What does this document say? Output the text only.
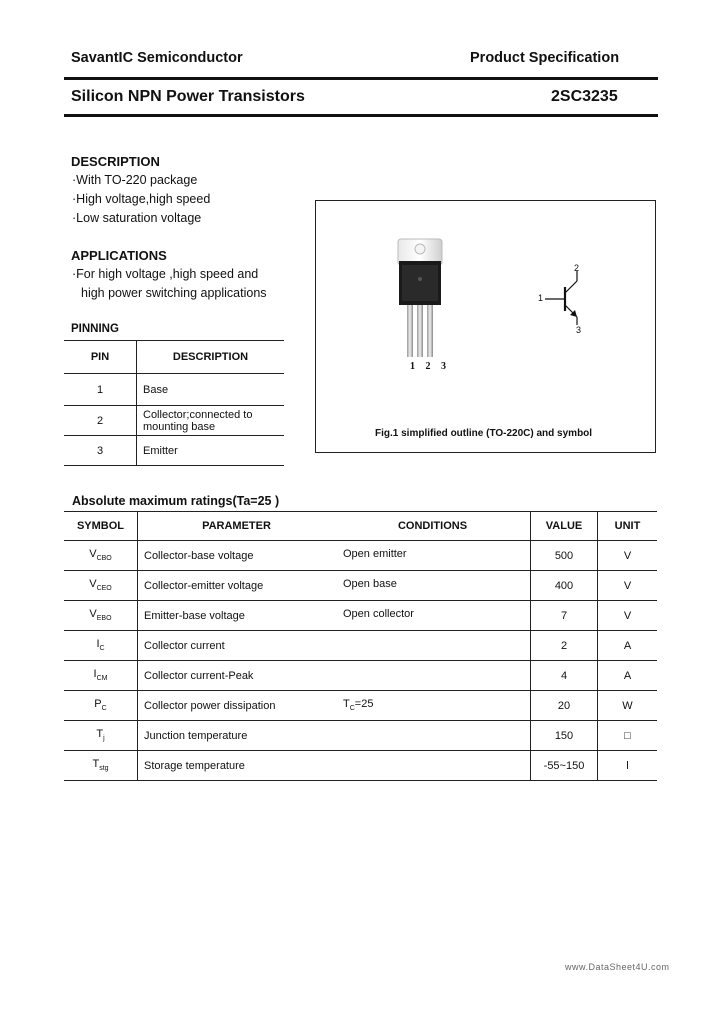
SavantIC Semiconductor	Product Specification
Silicon NPN Power Transistors	2SC3235
DESCRIPTION
·With TO-220 package
·High voltage,high speed
·Low saturation voltage
APPLICATIONS
·For high voltage ,high speed and
high power switching applications
PINNING
PIN	DESCRIPTION
1	Base
2	Collector;connected to
mounting base
3	Emitter
1 2 3
1
2
3
Fig.1 simplified outline (TO-220C) and symbol
Absolute maximum ratings(Ta=25 )
SYMBOL	PARAMETER	CONDITIONS	VALUE	UNIT
$V_{CBO}$	Collector-base voltage	Open emitter	500	V
$V_{CEO}$	Collector-emitter voltage	Open base	400	V
$V_{EBO}$	Emitter-base voltage	Open collector	7	V
$I_C$	Collector current		2	A
$I_{CM}$	Collector current-Peak		4	A
$P_C$	Collector power dissipation	$T_C=25$	20	W
$T_j$	Junction temperature		150	□
$T_{stg}$	Storage temperature		-55~150	l
www.DataSheet4U.com
